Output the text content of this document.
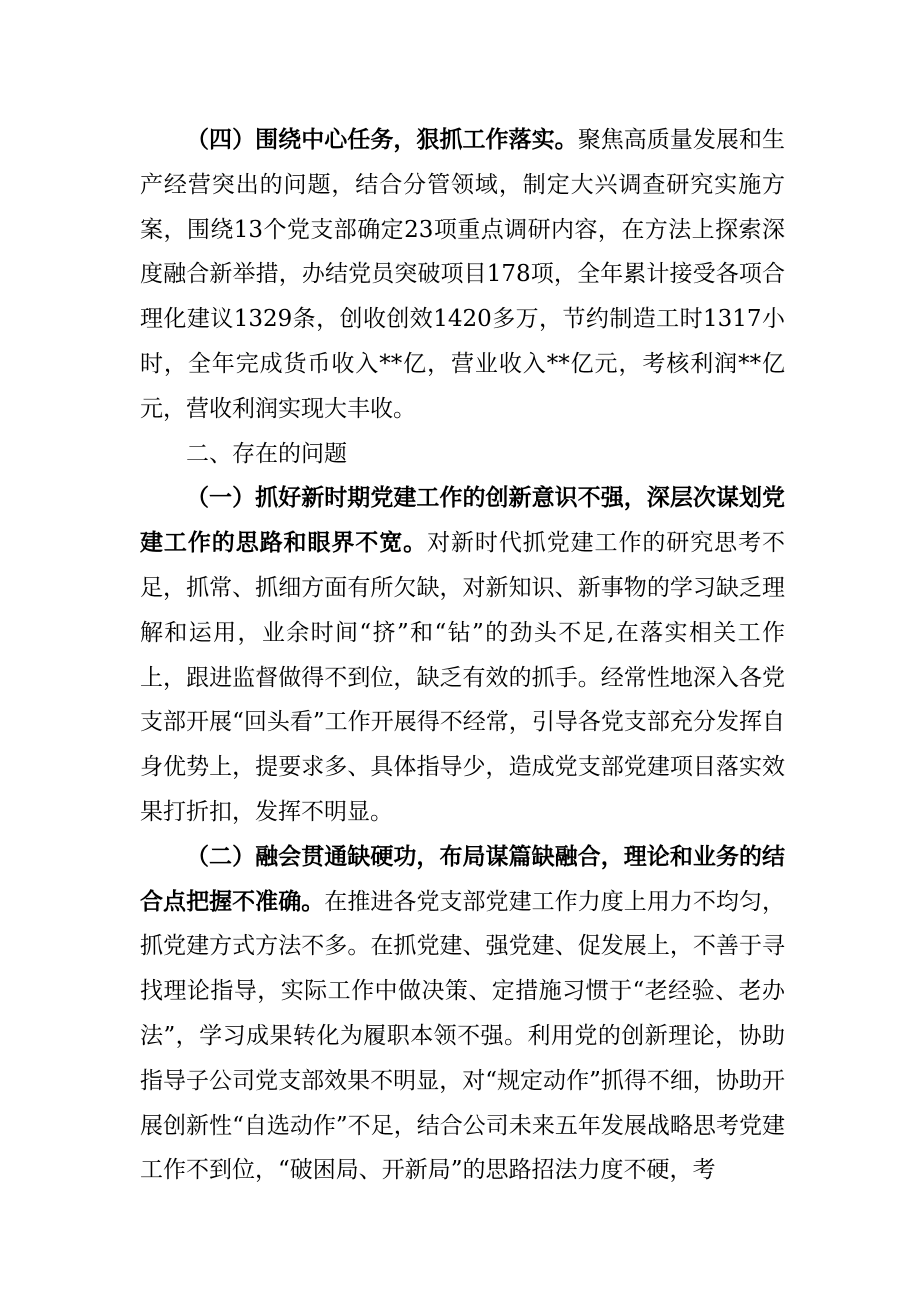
（四）围绕中心任务，狠抓工作落实。聚焦高质量发展和生产经营突出的问题，结合分管领域，制定大兴调查研究实施方案，围绕13个党支部确定23项重点调研内容，在方法上探索深度融合新举措，办结党员突破项目178项，全年累计接受各项合理化建议1329条，创收创效1420多万，节约制造工时1317小时，全年完成货币收入**亿，营业收入**亿元，考核利润**亿元，营收利润实现大丰收。

二、存在的问题

（一）抓好新时期党建工作的创新意识不强，深层次谋划党建工作的思路和眼界不宽。对新时代抓党建工作的研究思考不足，抓常、抓细方面有所欠缺，对新知识、新事物的学习缺乏理解和运用，业余时间“挤”和“钻”的劲头不足,在落实相关工作上，跟进监督做得不到位，缺乏有效的抓手。经常性地深入各党支部开展“回头看”工作开展得不经常，引导各党支部充分发挥自身优势上，提要求多、具体指导少，造成党支部党建项目落实效果打折扣，发挥不明显。

（二）融会贯通缺硬功，布局谋篇缺融合，理论和业务的结合点把握不准确。在推进各党支部党建工作力度上用力不均匀，抓党建方式方法不多。在抓党建、强党建、促发展上，不善于寻找理论指导，实际工作中做决策、定措施习惯于“老经验、老办法”，学习成果转化为履职本领不强。利用党的创新理论，协助指导子公司党支部效果不明显，对“规定动作”抓得不细，协助开展创新性“自选动作”不足，结合公司未来五年发展战略思考党建工作不到位，“破困局、开新局”的思路招法力度不硬，考
